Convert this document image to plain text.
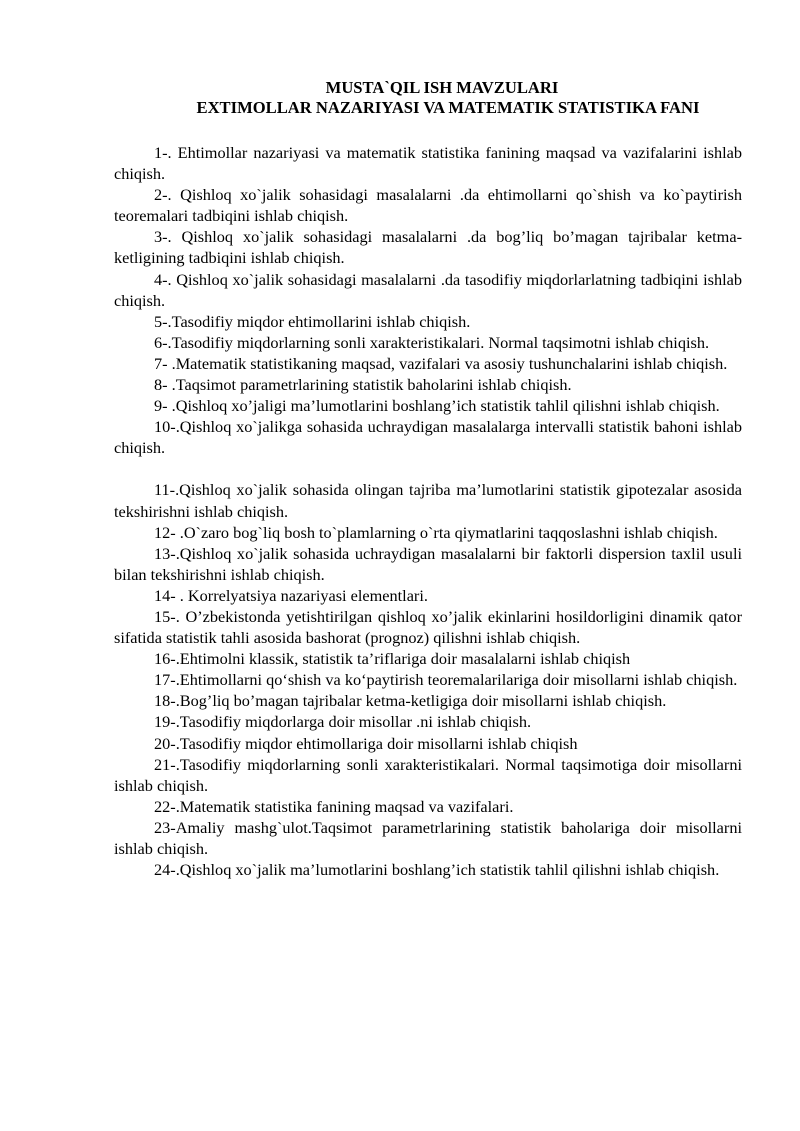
MUSTA`QIL ISH MAVZULARI

EXTIMOLLAR NAZARIYASI VA MATEMATIK STATISTIKA FANI

1-. Ehtimollar nazariyasi va matematik statistika fanining maqsad va vazifalarini ishlab chiqish.

2-. Qishloq xo`jalik sohasidagi masalalarni .da ehtimollarni qo`shish va ko`paytirish teoremalari tadbiqini ishlab chiqish.

3-. Qishloq xo`jalik sohasidagi masalalarni .da bog’liq bo’magan tajribalar ketma-ketligining tadbiqini ishlab chiqish.

4-. Qishloq xo`jalik sohasidagi masalalarni .da tasodifiy miqdorlarlatning tadbiqini ishlab chiqish.

5-.Tasodifiy miqdor ehtimollarini ishlab chiqish.

6-.Tasodifiy miqdorlarning sonli xarakteristikalari. Normal taqsimotni ishlab chiqish.

7- .Matematik statistikaning maqsad, vazifalari va asosiy tushunchalarini ishlab chiqish.

8- .Taqsimot parametrlarining statistik baholarini ishlab chiqish.

9- .Qishloq xo’jaligi ma’lumotlarini boshlang’ich statistik tahlil qilishni ishlab chiqish.

10-.Qishloq xo`jalikga sohasida uchraydigan masalalarga intervalli statistik bahoni ishlab chiqish.

11-.Qishloq xo`jalik sohasida olingan tajriba ma’lumotlarini statistik gipotezalar asosida tekshirishni ishlab chiqish.

12- .O`zaro bog`liq bosh to`plamlarning o`rta qiymatlarini taqqoslashni ishlab chiqish.

13-.Qishloq xo`jalik sohasida uchraydigan masalalarni bir faktorli dispersion taxlil usuli bilan tekshirishni ishlab chiqish.

14- . Korrelyatsiya nazariyasi elementlari.

15-. O’zbekistonda yetishtirilgan qishloq xo’jalik ekinlarini hosildorligini dinamik qator sifatida statistik tahli asosida bashorat (prognoz) qilishni ishlab chiqish.

16-.Ehtimolni klassik, statistik ta’riflariga doir masalalarni ishlab chiqish

17-.Ehtimollarni qo‘shish va ko‘paytirish teoremalarilariga doir misollarni ishlab chiqish.

18-.Bog’liq bo’magan tajribalar ketma-ketligiga doir misollarni ishlab chiqish.

19-.Tasodifiy miqdorlarga doir misollar .ni ishlab chiqish.

20-.Tasodifiy miqdor ehtimollariga doir misollarni ishlab chiqish

21-.Tasodifiy miqdorlarning sonli xarakteristikalari. Normal taqsimotiga doir misollarni ishlab chiqish.

22-.Matematik statistika fanining maqsad va vazifalari.

23-Amaliy mashg`ulot.Taqsimot parametrlarining statistik baholariga doir misollarni ishlab chiqish.

24-.Qishloq xo`jalik ma’lumotlarini boshlang’ich statistik tahlil qilishni ishlab chiqish.
